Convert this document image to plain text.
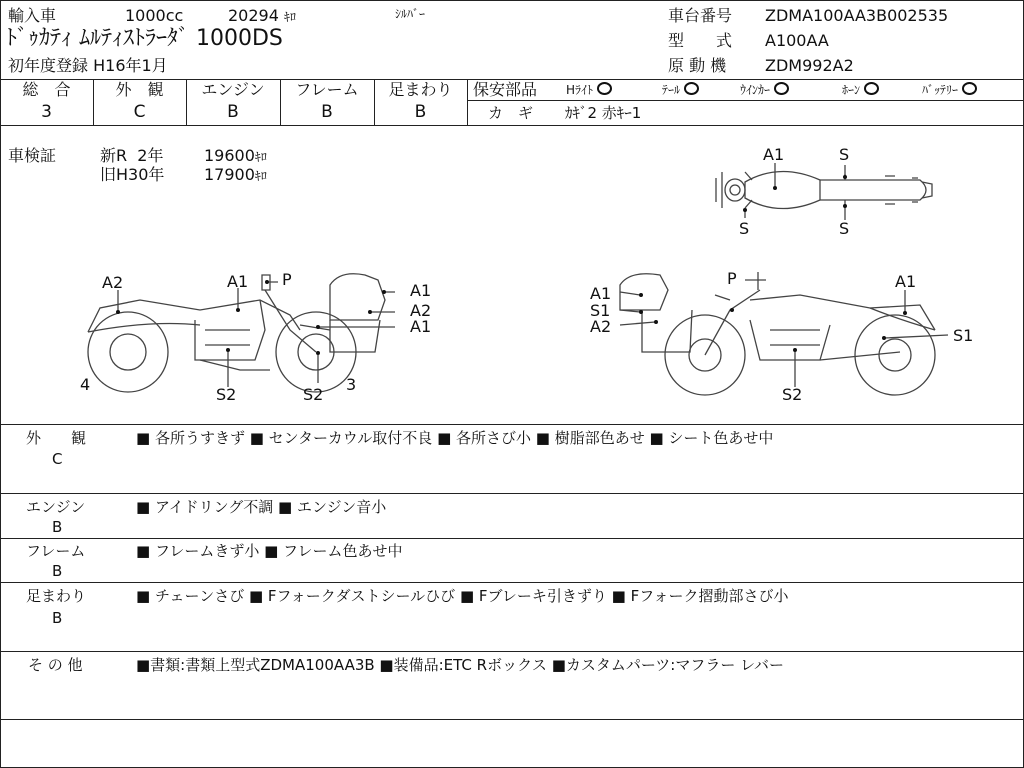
輸入車	1000cc	20294 ｷﾛ	ｼﾙﾊﾞｰ
ﾄﾞｩｶﾃｨ ﾑﾙﾃｨｽﾄﾗｰﾀﾞ 1000DS
初年度登録 H16年1月
車台番号 ZDMA100AA3B002535
型　　式 A100AA
原 動 機 ZDM992A2
総　合	外　観	エンジン	フレーム	足まわり
3	C	B	B	B
保安部品 Hﾗｲﾄ	ﾃｰﾙ	ｳｲﾝｶｰ	ﾎｰﾝ	ﾊﾞｯﾃﾘｰ
カ　ギ ｶｷﾞ2 赤ｷｰ1
車検証	新R 2年	19600ｷﾛ
旧H30年 17900ｷﾛ
A1	S
S	S
A2	A1 P
A1
A2
A1
4
S2	S2
3
A1
S1
A2
P	A1
S1
S2
外　　観
C
■ 各所うすきず ■ センターカウル取付不良 ■ 各所さび小 ■ 樹脂部色あせ ■ シート色あせ中
エンジン
B
■ アイドリング不調 ■ エンジン音小
フレーム
B
■ フレームきず小 ■ フレーム色あせ中
足まわり
B
■ チェーンさび ■ Fフォークダストシールひび ■ Fブレーキ引きずり ■ Fフォーク摺動部さび小
そ の 他	■書類:書類上型式ZDMA100AA3B ■装備品:ETC Rボックス ■カスタムパーツ:マフラー レバー
